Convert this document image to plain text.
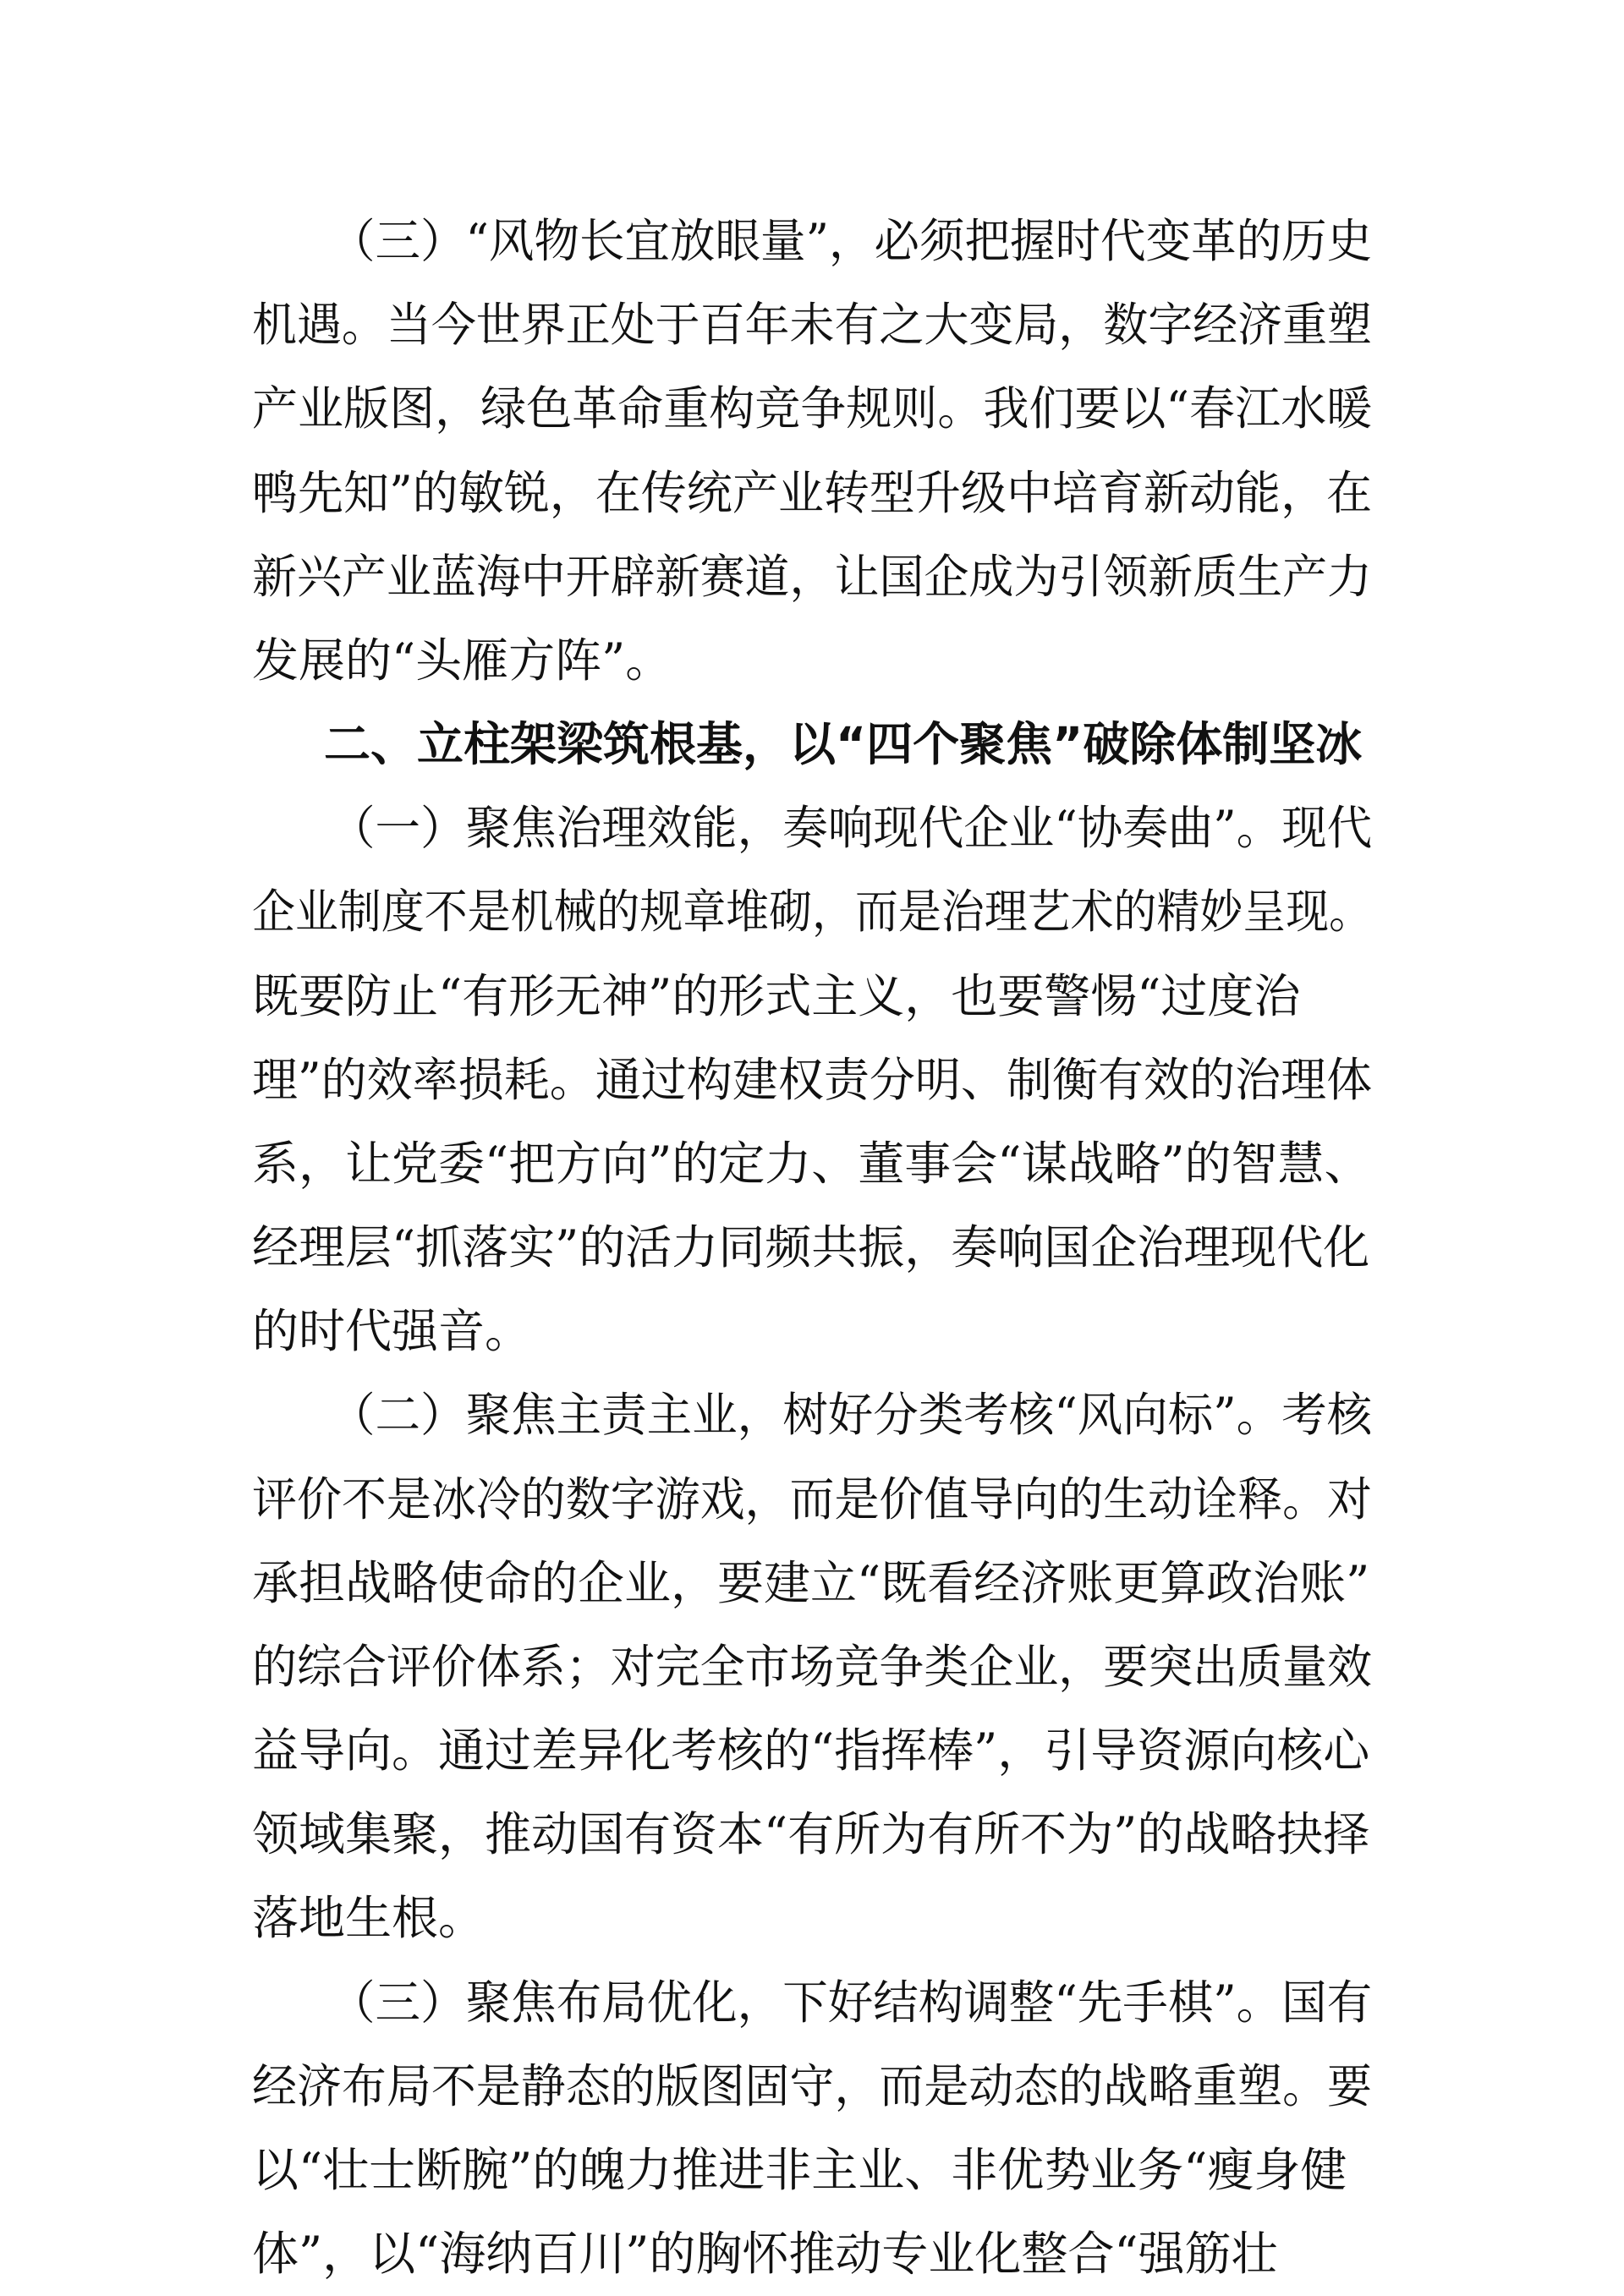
（三）“风物长宜放眼量”，必须把握时代变革的历史
机遇。当今世界正处于百年未有之大变局，数字经济重塑
产业版图，绿色革命重构竞争规则。我们要以“春江水暖
鸭先知”的敏锐，在传统产业转型升级中培育新动能，在
新兴产业蓝海中开辟新赛道，让国企成为引领新质生产力
发展的“头雁方阵”。
二、立柱架梁筑根基，以“四个聚焦”破除体制坚冰
（一）聚焦治理效能，奏响现代企业“协奏曲”。现代
企业制度不是机械的规章堆砌，而是治理艺术的精妙呈现。
既要防止“有形无神”的形式主义，也要警惕“过度治
理”的效率损耗。通过构建权责分明、制衡有效的治理体
系，让党委“把方向”的定力、董事会“谋战略”的智慧、
经理层“抓落实”的活力同频共振，奏响国企治理现代化
的时代强音。
（二）聚焦主责主业，树好分类考核“风向标”。考核
评价不是冰冷的数字游戏，而是价值导向的生动诠释。对
承担战略使命的企业，要建立“既看经济账更算政治账”
的综合评价体系；对完全市场竞争类企业，要突出质量效
益导向。通过差异化考核的“指挥棒”，引导资源向核心
领域集聚，推动国有资本“有所为有所不为”的战略抉择
落地生根。
（三）聚焦布局优化，下好结构调整“先手棋”。国有
经济布局不是静态的版图固守，而是动态的战略重塑。要
以“壮士断腕”的魄力推进非主业、非优势业务“瘦身健
体”，以“海纳百川”的胸怀推动专业化整合“强筋壮
